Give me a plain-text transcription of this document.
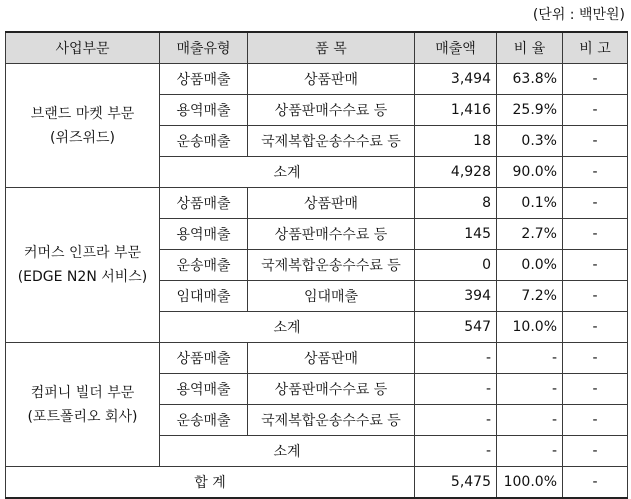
(단위 : 백만원)
사업부문	매출유형	품 목	매출액	비 율	비 고

브랜드 마켓 부문
(위즈위드)	상품매출	상품판매	3,494	63.8%	-
	용역매출	상품판매수수료 등	1,416	25.9%	-
	운송매출	국제복합운송수수료 등	18	0.3%	-
	소계		4,928	90.0%	-

커머스 인프라 부문
(EDGE N2N 서비스)	상품매출	상품판매	8	0.1%	-
	용역매출	상품판매수수료 등	145	2.7%	-
	운송매출	국제복합운송수수료 등	0	0.0%	-
	임대매출	임대매출	394	7.2%	-
	소계		547	10.0%	-

컴퍼니 빌더 부문
(포트폴리오 회사)	상품매출	상품판매	-	-	-
	용역매출	상품판매수수료 등	-	-	-
	운송매출	국제복합운송수수료 등	-	-	-
	소계		-	-	-
합 계			5,475	100.0%	-
